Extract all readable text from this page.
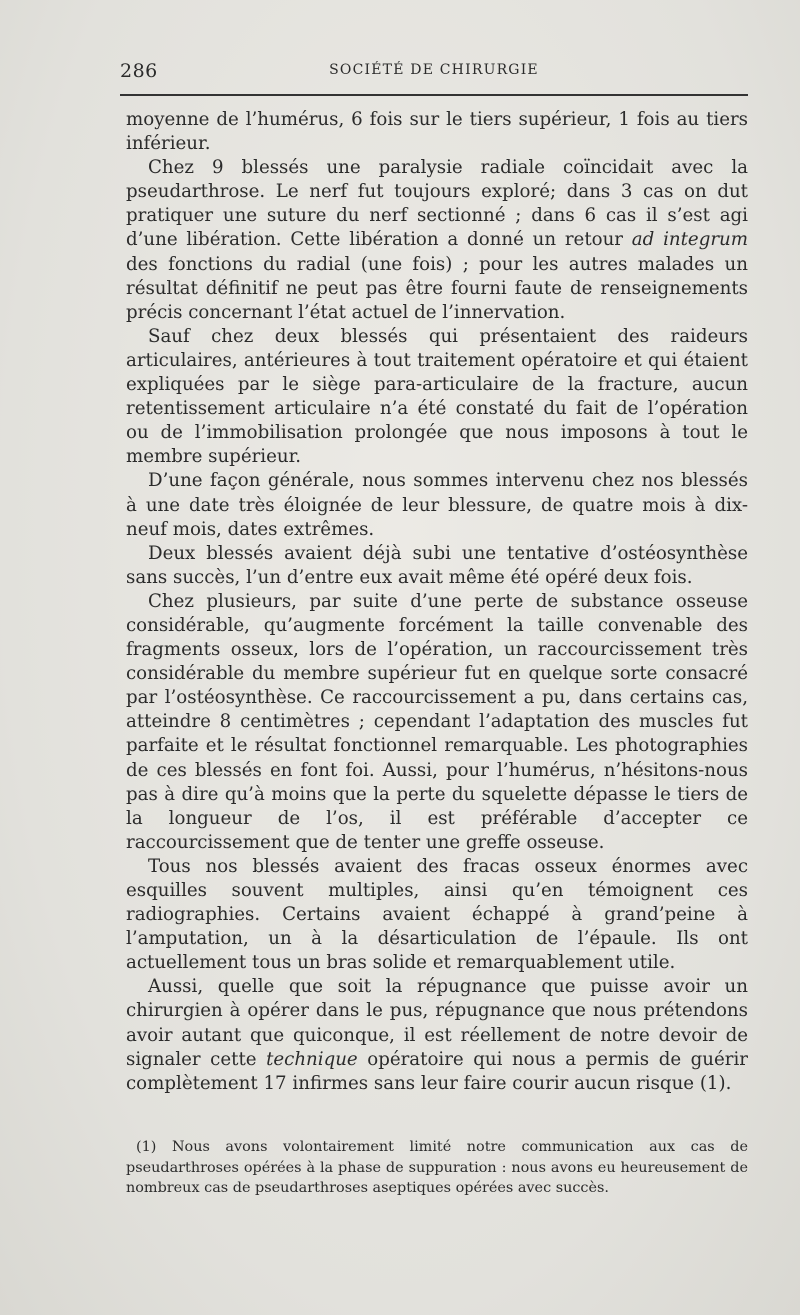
286	SOCIÉTÉ DE CHIRURGIE

moyenne de l’humérus, 6 fois sur le tiers supérieur, 1 fois au tiers inférieur.

Chez 9 blessés une paralysie radiale coïncidait avec la pseudarthrose. Le nerf fut toujours exploré; dans 3 cas on dut pratiquer une suture du nerf sectionné ; dans 6 cas il s’est agi d’une libération. Cette libération a donné un retour ad integrum des fonctions du radial (une fois) ; pour les autres malades un résultat définitif ne peut pas être fourni faute de renseignements précis concernant l’état actuel de l’innervation.

Sauf chez deux blessés qui présentaient des raideurs articulaires, antérieures à tout traitement opératoire et qui étaient expliquées par le siège para-articulaire de la fracture, aucun retentissement articulaire n’a été constaté du fait de l’opération ou de l’immobilisation prolongée que nous imposons à tout le membre supérieur.

D’une façon générale, nous sommes intervenu chez nos blessés à une date très éloignée de leur blessure, de quatre mois à dix-neuf mois, dates extrêmes.

Deux blessés avaient déjà subi une tentative d’ostéosynthèse sans succès, l’un d’entre eux avait même été opéré deux fois.

Chez plusieurs, par suite d’une perte de substance osseuse considérable, qu’augmente forcément la taille convenable des fragments osseux, lors de l’opération, un raccourcissement très considérable du membre supérieur fut en quelque sorte consacré par l’ostéosynthèse. Ce raccourcissement a pu, dans certains cas, atteindre 8 centimètres ; cependant l’adaptation des muscles fut parfaite et le résultat fonctionnel remarquable. Les photographies de ces blessés en font foi. Aussi, pour l’humérus, n’hésitons-nous pas à dire qu’à moins que la perte du squelette dépasse le tiers de la longueur de l’os, il est préférable d’accepter ce raccourcissement que de tenter une greffe osseuse.

Tous nos blessés avaient des fracas osseux énormes avec esquilles souvent multiples, ainsi qu’en témoignent ces radiographies. Certains avaient échappé à grand’peine à l’amputation, un à la désarticulation de l’épaule. Ils ont actuellement tous un bras solide et remarquablement utile.

Aussi, quelle que soit la répugnance que puisse avoir un chirurgien à opérer dans le pus, répugnance que nous prétendons avoir autant que quiconque, il est réellement de notre devoir de signaler cette technique opératoire qui nous a permis de guérir complètement 17 infirmes sans leur faire courir aucun risque (1).

(1) Nous avons volontairement limité notre communication aux cas de pseudarthroses opérées à la phase de suppuration : nous avons eu heureusement de nombreux cas de pseudarthroses aseptiques opérées avec succès.
